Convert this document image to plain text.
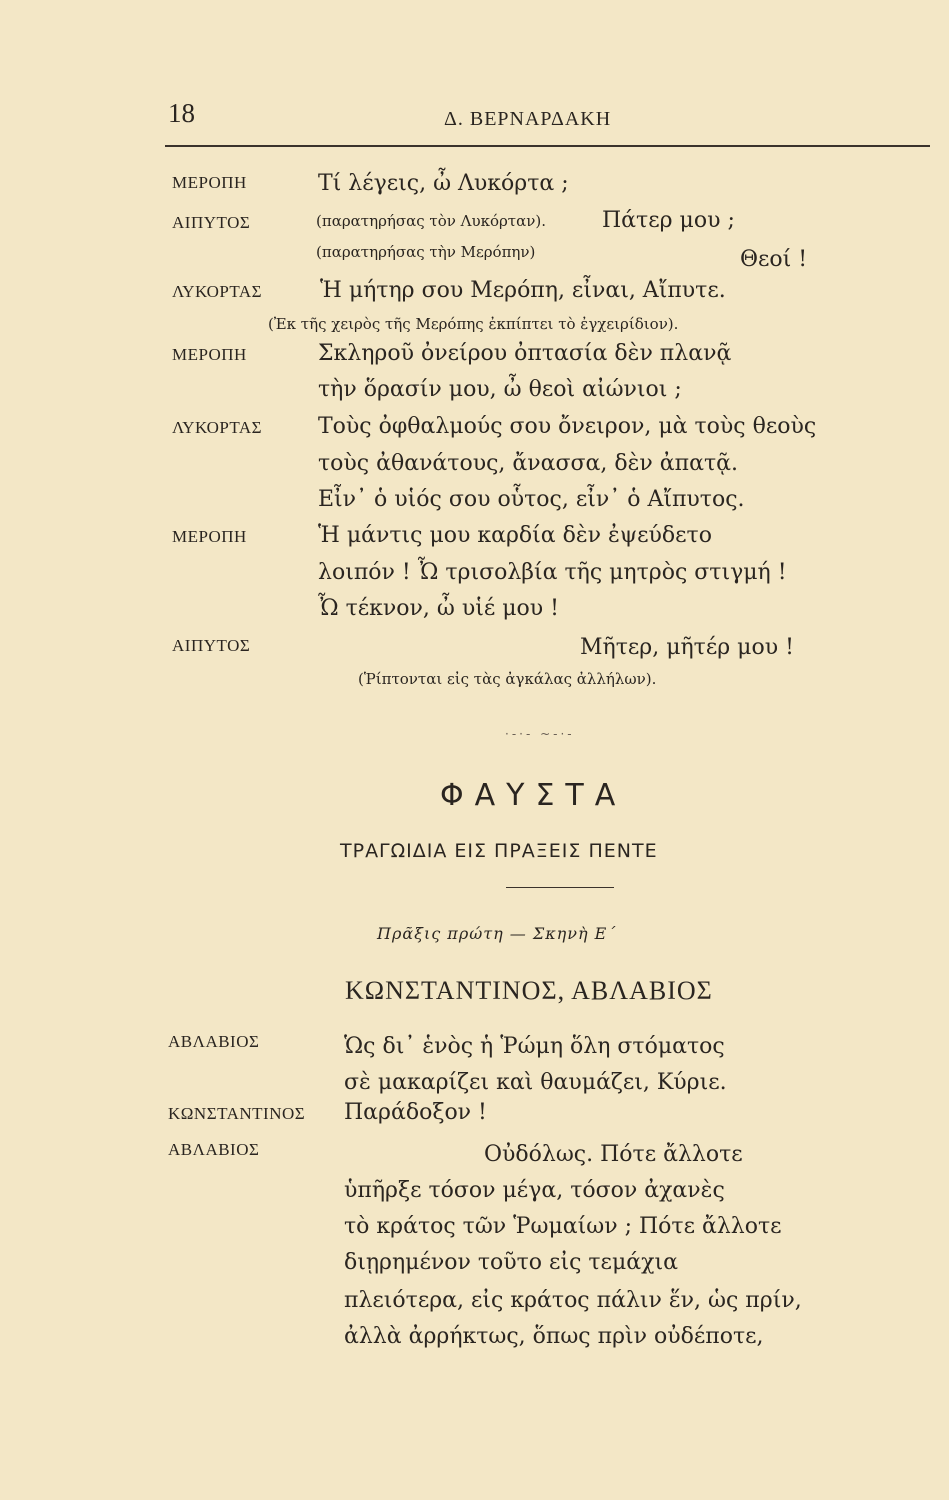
18	Δ. ΒΕΡΝΑΡΔΑΚΗ
ΜΕΡΟΠΗ	Τί λέγεις, ὦ Λυκόρτα ;
ΑΙΠΥΤΟΣ	(παρατηρήσας τὸν Λυκόρταν).	Πάτερ μου ;
(παρατηρήσας τὴν Μερόπην)	Θεοί !
ΛΥΚΟΡΤΑΣ	Ἡ μήτηρ σου Μερόπη, εἶναι, Αἴπυτε.
(Ἐκ τῆς χειρὸς τῆς Μερόπης ἐκπίπτει τὸ ἐγχειρίδιον).
ΜΕΡΟΠΗ	Σκληροῦ ὀνείρου ὀπτασία δὲν πλανᾷ
τὴν ὅρασίν μου, ὦ θεοὶ αἰώνιοι ;
ΛΥΚΟΡΤΑΣ	Τοὺς ὀφθαλμούς σου ὄνειρον, μὰ τοὺς θεοὺς
τοὺς ἀθανάτους, ἄνασσα, δὲν ἀπατᾷ.
Εἶν᾽ ὁ υἱός σου οὗτος, εἶν᾽ ὁ Αἴπυτος.
ΜΕΡΟΠΗ	Ἡ μάντις μου καρδία δὲν ἐψεύδετο
λοιπόν ! Ὦ τρισολβία τῆς μητρὸς στιγμή !
Ὦ τέκνον, ὦ υἱέ μου !
ΑΙΠΥΤΟΣ	Μῆτερ, μῆτέρ μου !
(Ῥίπτονται εἰς τὰς ἀγκάλας ἀλλήλων).
·-·- ~-·-
ΦΑΥΣΤΑ
ΤΡΑΓΩΙΔΙΑ ΕΙΣ ΠΡΑΞΕΙΣ ΠΕΝΤΕ
Πρᾶξις πρώτη — Σκηνὴ Ε΄
ΚΩΝΣΤΑΝΤΙΝΟΣ, ΑΒΛΑΒΙΟΣ
ΑΒΛΑΒΙΟΣ	Ὡς δι᾽ ἑνὸς ἡ Ῥώμη ὅλη στόματος
σὲ μακαρίζει καὶ θαυμάζει, Κύριε.
ΚΩΝΣΤΑΝΤΙΝΟΣ Παράδοξον !
ΑΒΛΑΒΙΟΣ	Οὐδόλως. Πότε ἄλλοτε
ὑπῆρξε τόσον μέγα, τόσον ἀχανὲς
τὸ κράτος τῶν Ῥωμαίων ; Πότε ἄλλοτε
διῃρημένον τοῦτο εἰς τεμάχια
πλειότερα, εἰς κράτος πάλιν ἕν, ὡς πρίν,
ἀλλὰ ἀρρήκτως, ὅπως πρὶν οὐδέποτε,
